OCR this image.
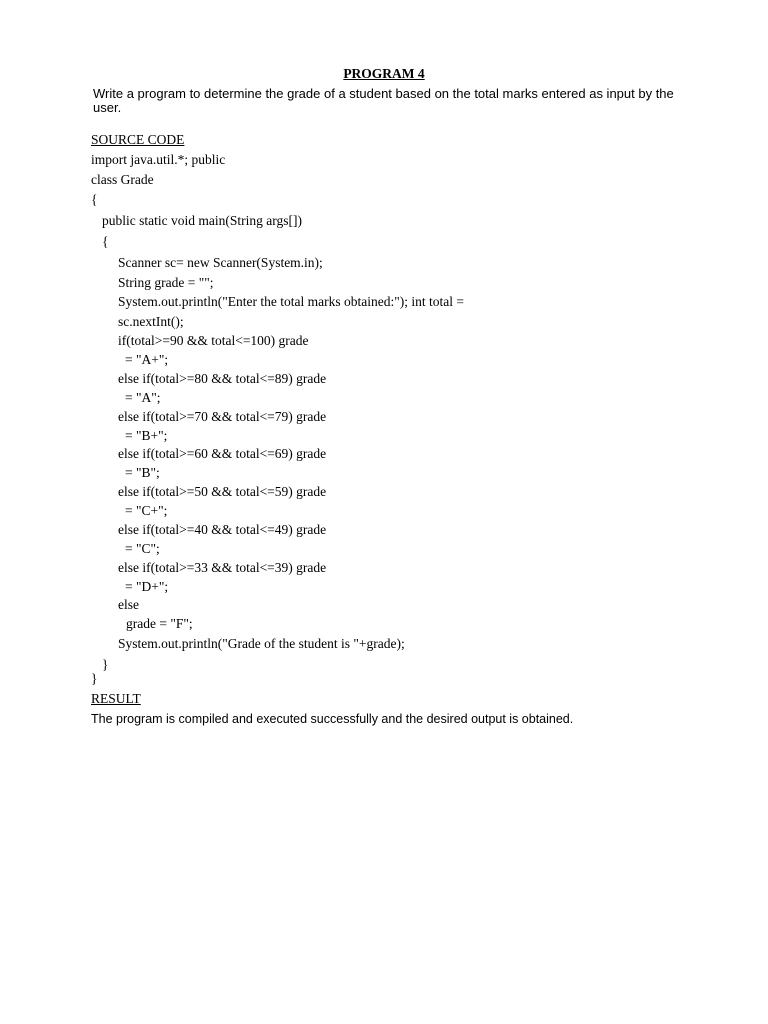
PROGRAM 4
Write a program to determine the grade of a student based on the total marks entered as input by the user.
SOURCE CODE
import java.util.*; public
class Grade
{
public static void main(String args[])
{
Scanner sc= new Scanner(System.in);
String grade = "";
System.out.println("Enter the total marks obtained:"); int total =
sc.nextInt();
if(total>=90 && total<=100) grade
= "A+";
else if(total>=80 && total<=89) grade
= "A";
else if(total>=70 && total<=79) grade
= "B+";
else if(total>=60 && total<=69) grade
= "B";
else if(total>=50 && total<=59) grade
= "C+";
else if(total>=40 && total<=49) grade
= "C";
else if(total>=33 && total<=39) grade
= "D+";
else
grade = "F";
System.out.println("Grade of the student is "+grade);
}
}
RESULT
The program is compiled and executed successfully and the desired output is obtained.
